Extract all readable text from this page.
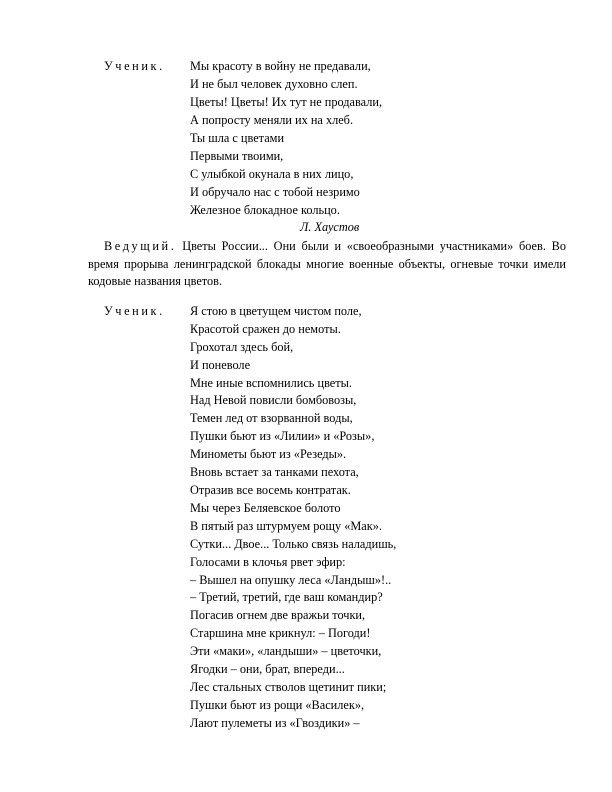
Ученик. Мы красоту в войну не предавали,
И не был человек духовно слеп.
Цветы! Цветы! Их тут не продавали,
А попросту меняли их на хлеб.
Ты шла с цветами
Первыми твоими,
С улыбкой окунала в них лицо,
И обручало нас с тобой незримо
Железное блокадное кольцо.
Л. Хаустов
Ведущий. Цветы России... Они были и «своеобразными участниками» боев. Во время прорыва ленинградской блокады многие военные объекты, огневые точки имели кодовые названия цветов.
Ученик. Я стою в цветущем чистом поле,
Красотой сражен до немоты.
Грохотал здесь бой,
И поневоле
Мне иные вспомнились цветы.
Над Невой повисли бомбовозы,
Темен лед от взорванной воды,
Пушки бьют из «Лилии» и «Розы»,
Минометы бьют из «Резеды».
Вновь встает за танками пехота,
Отразив все восемь контратак.
Мы через Беляевское болото
В пятый раз штурмуем рощу «Мак».
Сутки... Двое... Только связь наладишь,
Голосами в клочья рвет эфир:
– Вышел на опушку леса «Ландыш»!..
– Третий, третий, где ваш командир?
Погасив огнем две вражьи точки,
Старшина мне крикнул: – Погоди!
Эти «маки», «ландыши» – цветочки,
Ягодки – они, брат, впереди...
Лес стальных стволов щетинит пики;
Пушки бьют из рощи «Василек»,
Лают пулеметы из «Гвоздики» –
